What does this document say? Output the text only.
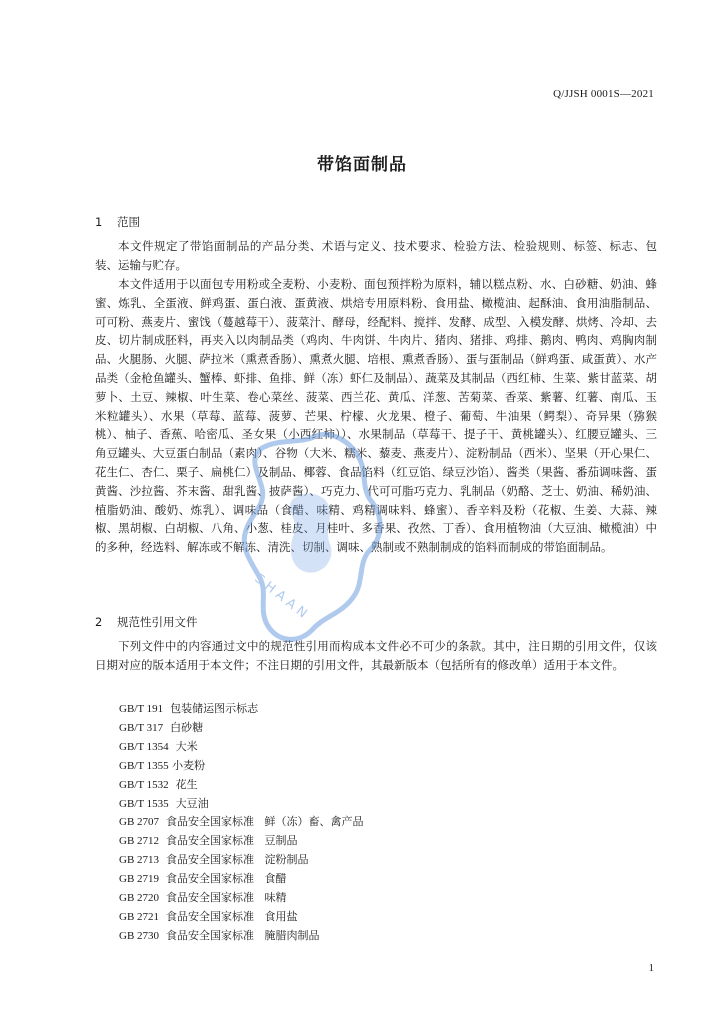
Q/JJSH 0001S—2021
带馅面制品
1 范围

本文件规定了带馅面制品的产品分类、术语与定义、技术要求、检验方法、检验规则、标签、标志、包装、运输与贮存。

本文件适用于以面包专用粉或全麦粉、小麦粉、面包预拌粉为原料，辅以糕点粉、水、白砂糖、奶油、蜂蜜、炼乳、全蛋液、鲜鸡蛋、蛋白液、蛋黄液、烘焙专用原料粉、食用盐、橄榄油、起酥油、食用油脂制品、可可粉、燕麦片、蜜饯（蔓越莓干）、菠菜汁、酵母，经配料、搅拌、发酵、成型、入模发酵、烘烤、冷却、去皮、切片制成胚料，再夹入以肉制品类（鸡肉、牛肉饼、牛肉片、猪肉、猪排、鸡排、鹅肉、鸭肉、鸡胸肉制品、火腿肠、火腿、萨拉米（熏煮香肠）、熏煮火腿、培根、熏煮香肠）、蛋与蛋制品（鲜鸡蛋、咸蛋黄）、水产品类（金枪鱼罐头、蟹棒、虾排、鱼排、鲜（冻）虾仁及制品）、蔬菜及其制品（西红柿、生菜、紫甘蓝菜、胡萝卜、土豆、辣椒、叶生菜、卷心菜丝、菠菜、西兰花、黄瓜、洋葱、苦菊菜、香菜、紫薯、红薯、南瓜、玉米粒罐头）、水果（草莓、蓝莓、菠萝、芒果、柠檬、火龙果、橙子、葡萄、牛油果（鳄梨）、奇异果（猕猴桃）、柚子、香蕉、哈密瓜、圣女果（小西红柿））、水果制品（草莓干、提子干、黄桃罐头）、红腰豆罐头、三角豆罐头、大豆蛋白制品（素肉）、谷物（大米、糯米、藜麦、燕麦片）、淀粉制品（西米）、坚果（开心果仁、花生仁、杏仁、栗子、扁桃仁）及制品、椰蓉、食品馅料（红豆馅、绿豆沙馅）、酱类（果酱、番茄调味酱、蛋黄酱、沙拉酱、芥末酱、甜乳酱、披萨酱）、巧克力、代可可脂巧克力、乳制品（奶酪、芝士、奶油、稀奶油、植脂奶油、酸奶、炼乳）、调味品（食醋、味精、鸡精调味料、蜂蜜）、香辛料及粉（花椒、生姜、大蒜、辣椒、黑胡椒、白胡椒、八角、小葱、桂皮、月桂叶、多香果、孜然、丁香）、食用植物油（大豆油、橄榄油）中的多种，经选料、解冻或不解冻、清洗、切制、调味、熟制或不熟制制成的馅料而制成的带馅面制品。

2 规范性引用文件

下列文件中的内容通过文中的规范性引用而构成本文件必不可少的条款。其中，注日期的引用文件，仅该日期对应的版本适用于本文件；不注日期的引用文件，其最新版本（包括所有的修改单）适用于本文件。

GB/T 191 包装储运图示标志
GB/T 317 白砂糖
GB/T 1354 大米
GB/T 1355 小麦粉
GB/T 1532 花生
GB/T 1535 大豆油
GB 2707 食品安全国家标准   鲜（冻）畜、禽产品
GB 2712 食品安全国家标准   豆制品
GB 2713 食品安全国家标准   淀粉制品
GB 2719 食品安全国家标准   食醋
GB 2720 食品安全国家标准   味精
GB 2721 食品安全国家标准   食用盐
GB 2730 食品安全国家标准   腌腊肉制品
1
S H A A N
